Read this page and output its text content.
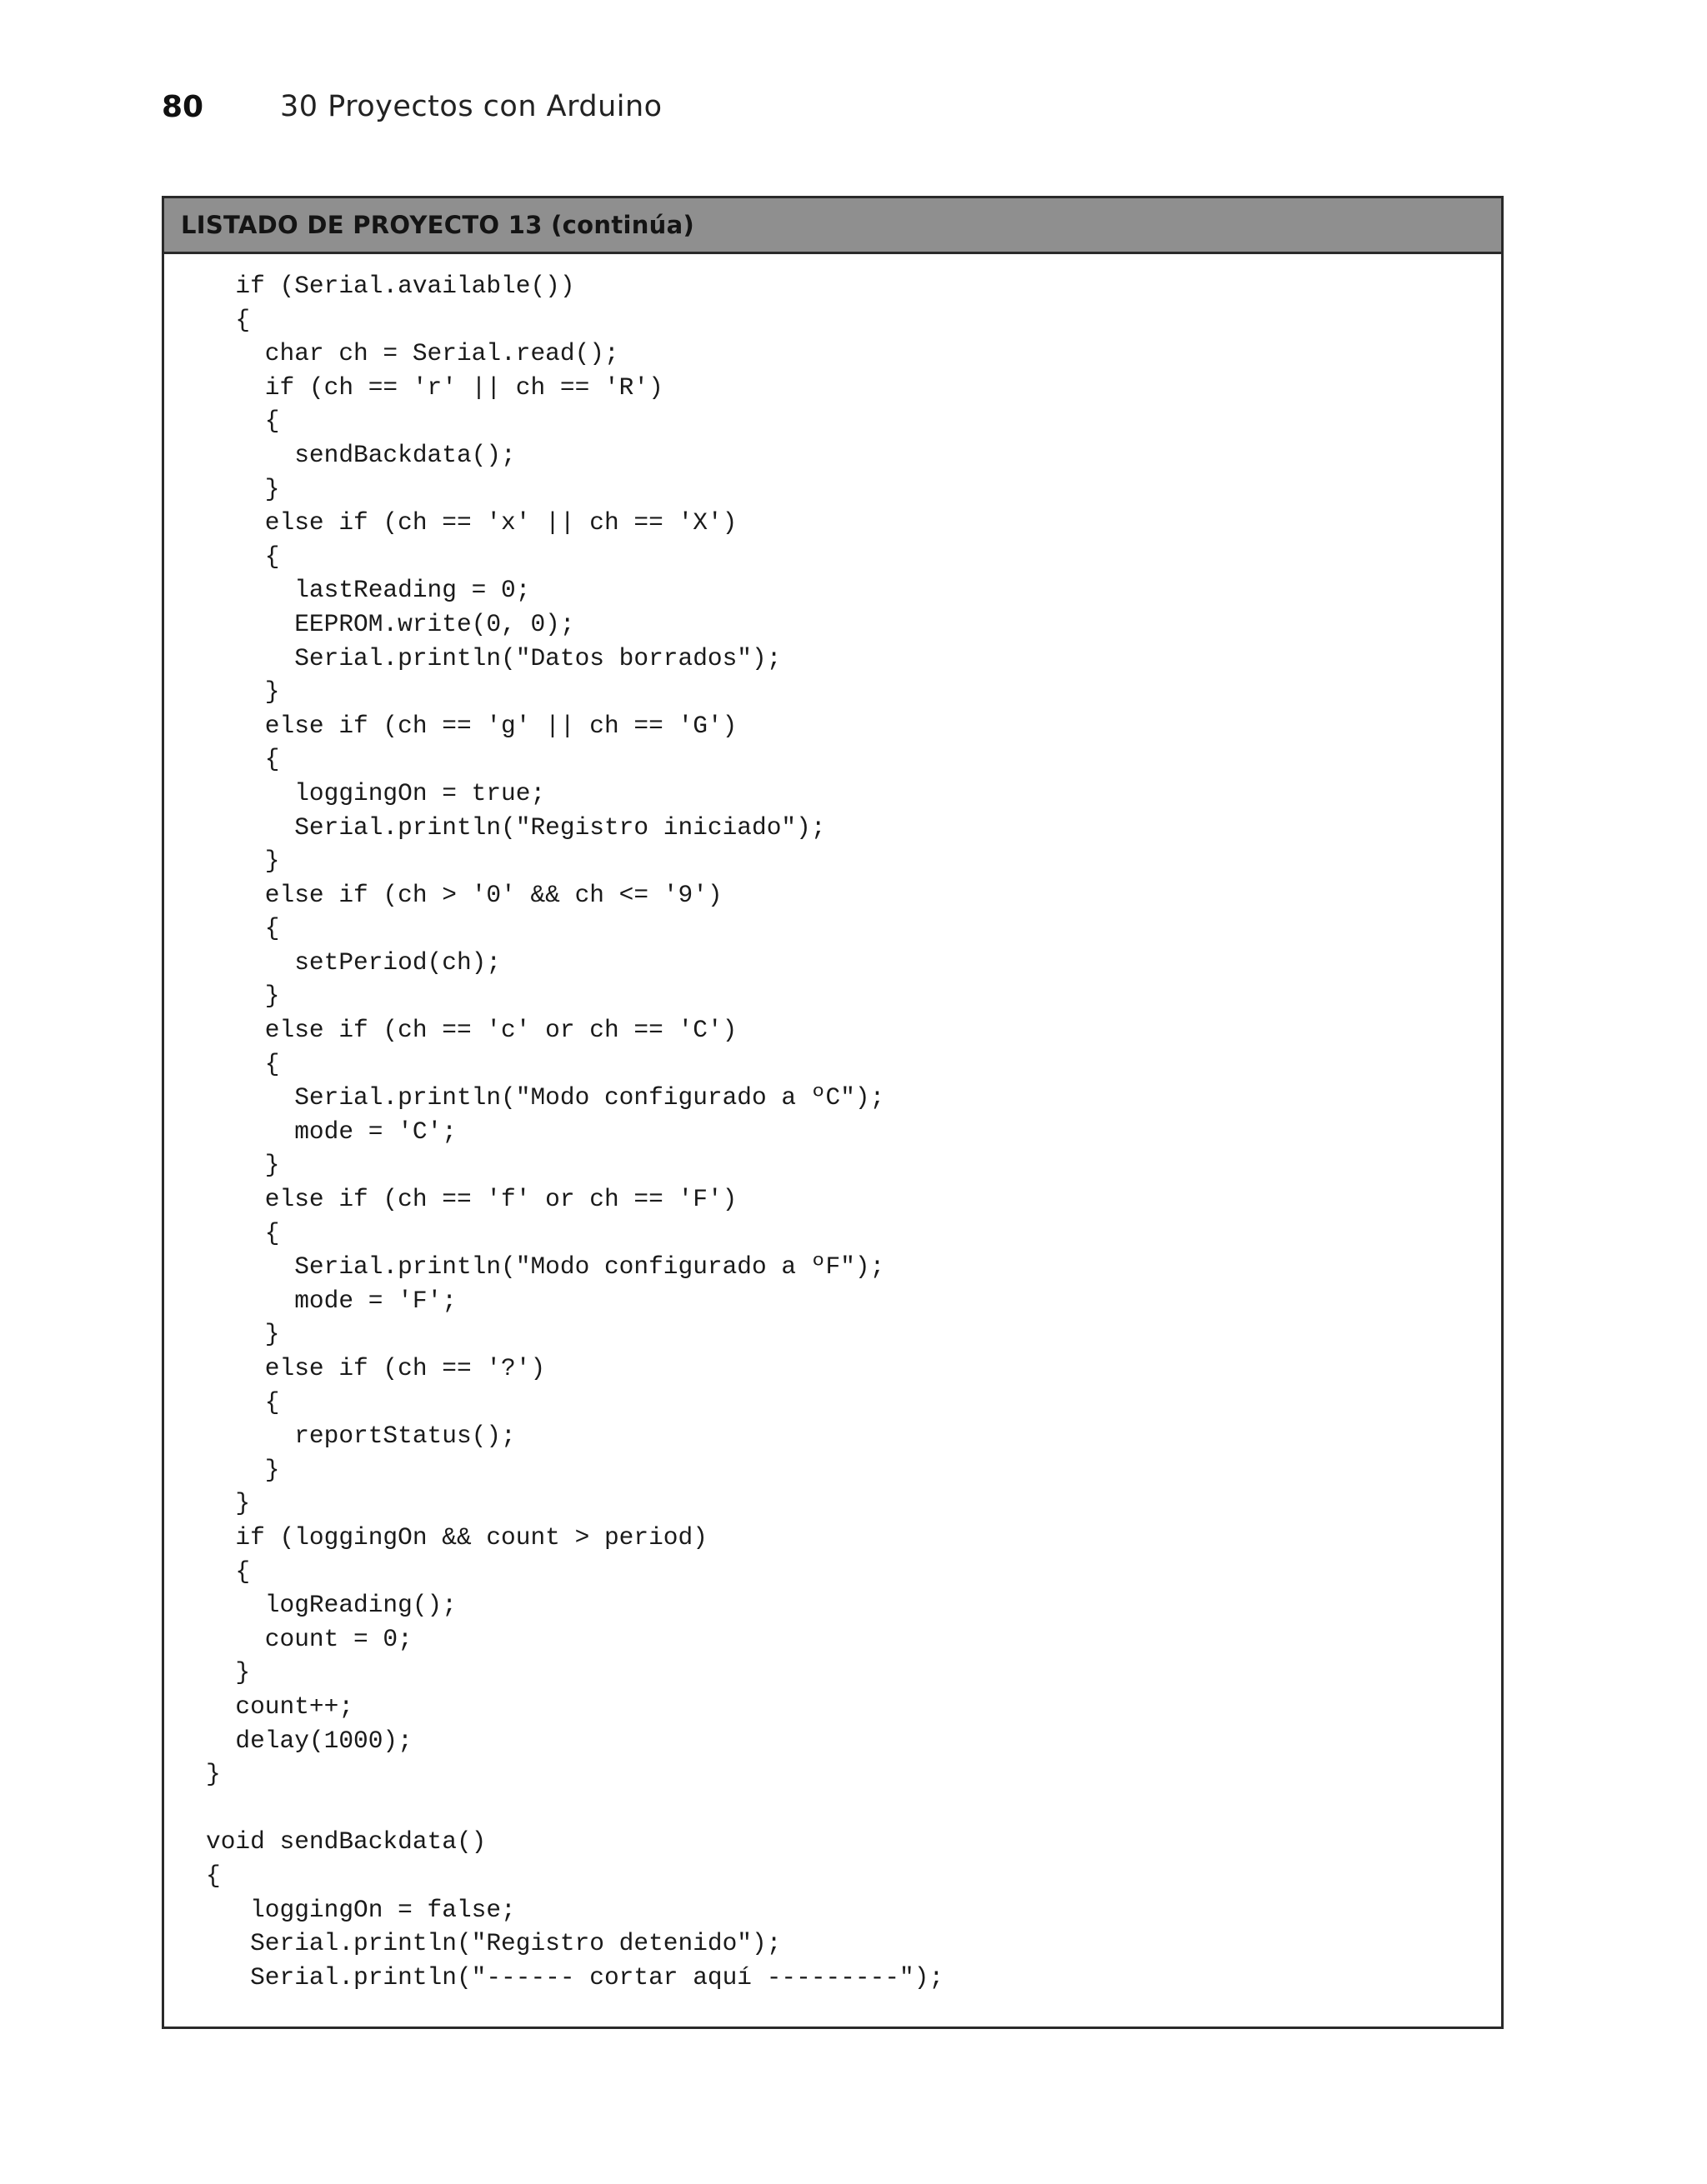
80	30 Proyectos con Arduino
LISTADO DE PROYECTO 13 (continúa)
if (Serial.available())
{
char ch = Serial.read();
if (ch == 'r' || ch == 'R')
{
sendBackdata();
}
else if (ch == 'x' || ch == 'X')
{
lastReading = 0;
EEPROM.write(0, 0);
Serial.println("Datos borrados");
}
else if (ch == 'g' || ch == 'G')
{
loggingOn = true;
Serial.println("Registro iniciado");
}
else if (ch > '0' && ch <= '9')
{
setPeriod(ch);
}
else if (ch == 'c' or ch == 'C')
{
Serial.println("Modo configurado a ºC");
mode = 'C';
}
else if (ch == 'f' or ch == 'F')
{
Serial.println("Modo configurado a ºF");
mode = 'F';
}
else if (ch == '?')
{
reportStatus();
}
}
if (loggingOn && count > period)
{
logReading();
count = 0;
}
count++;
delay(1000);
}
void sendBackdata()
{
loggingOn = false;
Serial.println("Registro detenido");
Serial.println("------ cortar aquí ---------");
